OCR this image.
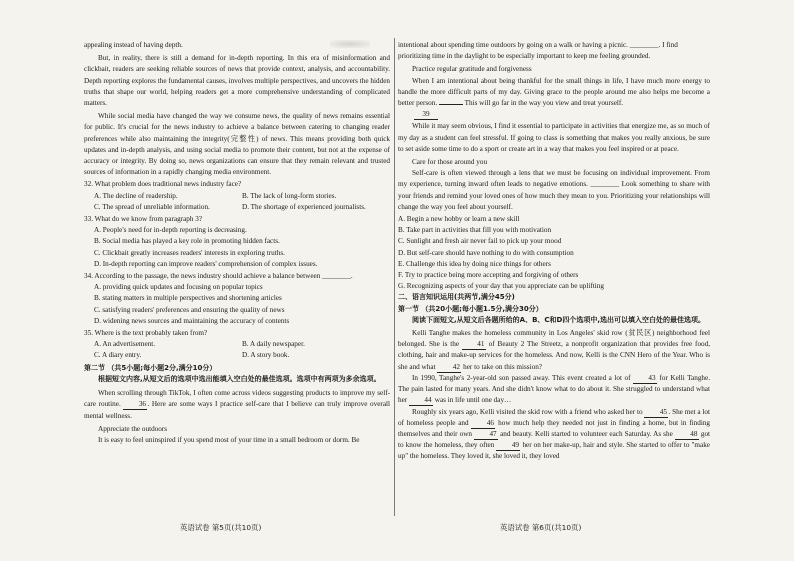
appealing instead of having depth.

But, in reality, there is still a demand for in-depth reporting. In this era of misinformation and clickbait, readers are seeking reliable sources of news that provide context, analysis, and accountability. Depth reporting explores the fundamental causes, involves multiple perspectives, and uncovers the hidden truths that shape our world, helping readers get a more comprehensive understanding of complicated matters.

While social media have changed the way we consume news, the quality of news remains essential for public. It's crucial for the news industry to achieve a balance between catering to changing reader preferences while also maintaining the integrity(完整性) of news. This means providing both quick updates and in-depth analysis, and using social media to promote their content, but not at the expense of accuracy or integrity. By doing so, news organizations can ensure that they remain relevant and trusted sources of information in a rapidly changing media environment.

32. What problem does traditional news industry face?

A. The decline of readership.	B. The lack of long-form stories.
C. The spread of unreliable information.	D. The shortage of experienced journalists.

33. What do we know from paragraph 3?

A. People's need for in-depth reporting is decreasing.

B. Social media has played a key role in promoting hidden facts.

C. Clickbait greatly increases readers' interests in exploring truths.

D. In-depth reporting can improve readers' comprehension of complex issues.

34. According to the passage, the news industry should achieve a balance between ________.

A. providing quick updates and focusing on popular topics

B. stating matters in multiple perspectives and shortening articles

C. satisfying readers' preferences and ensuring the quality of news

D. widening news sources and maintaining the accuracy of contents

35. Where is the text probably taken from?

A. An advertisement.	B. A daily newspaper.
C. A diary entry.	D. A story book.

第二节 （共5小题;每小题2分,满分10分）

根据短文内容,从短文后的选项中选出能填入空白处的最佳选项。选项中有两项为多余选项。

When scrolling through TikTok, I often come across videos suggesting products to improve my self-care routine.	36. Here are some ways I practice self-care that I believe can truly improve overall mental wellness.

Appreciate the outdoors

It is easy to feel uninspired if you spend most of your time in a small bedroom or dorm. Be

intentional about spending time outdoors by going on a walk or having a picnic. ________. I find prioritizing time in the daylight to be especially important to keep me feeling grounded.

Practice regular gratitude and forgiveness

When I am intentional about being thankful for the small things in life, I have much more energy to handle the more difficult parts of my day. Giving grace to the people around me also helps me become a better person.	This will go far in the way you view and treat yourself.

39

While it may seem obvious, I find it essential to participate in activities that energize me, as so much of my day as a student can feel stressful. If going to class is something that makes you really anxious, be sure to set aside some time to do a sport or create art in a way that makes you feel inspired or at peace.

Care for those around you

Self-care is often viewed through a lens that we must be focusing on individual improvement. From my experience, turning inward often leads to negative emotions. ________ Look something to share with your friends and remind your loved ones of how much they mean to you. Prioritizing your relationships will change the way you feel about yourself.

A. Begin a new hobby or learn a new skill

B. Take part in activities that fill you with motivation

C. Sunlight and fresh air never fail to pick up your mood

D. But self-care should have nothing to do with consumption

E. Challenge this idea by doing nice things for others

F. Try to practice being more accepting and forgiving of others

G. Recognizing aspects of your day that you appreciate can be uplifting

二、语言知识运用(共两节,满分45分)

第一节 （共20小题;每小题1.5分,满分30分）

阅读下面短文,从短文后各题所给的A、B、C和D四个选项中,选出可以填入空白处的最佳选项。

Kelli Tanghe makes the homeless community in Los Angeles' skid row (贫民区) neighborhood feel belonged. She is the	41 of Beauty 2 The Streetz, a nonprofit organization that provides free food, clothing, hair and make-up services for the homeless. And now, Kelli is the CNN Hero of the Year. Who is she and what 42 her to take on this mission?

In 1990, Tanghe's 2-year-old son passed away. This event created a lot of 43 for Kelli Tanghe. The pain lasted for many years. And she didn't know what to do about it. She struggled to understand what her 44 was in life until one day…

Roughly six years ago, Kelli visited the skid row with a friend who asked her to 45. She met a lot of homeless people and	46 how much help they needed not just in finding a home, but in finding themselves and their own 47 and beauty. Kelli started to volunteer each Saturday. As she 48 got to know the homeless, they often 49 her on her make-up, hair and style. She started to offer to "make up" the homeless. They loved it, she loved it, they loved

英语试卷 第5页(共10页)	英语试卷 第6页(共10页)
